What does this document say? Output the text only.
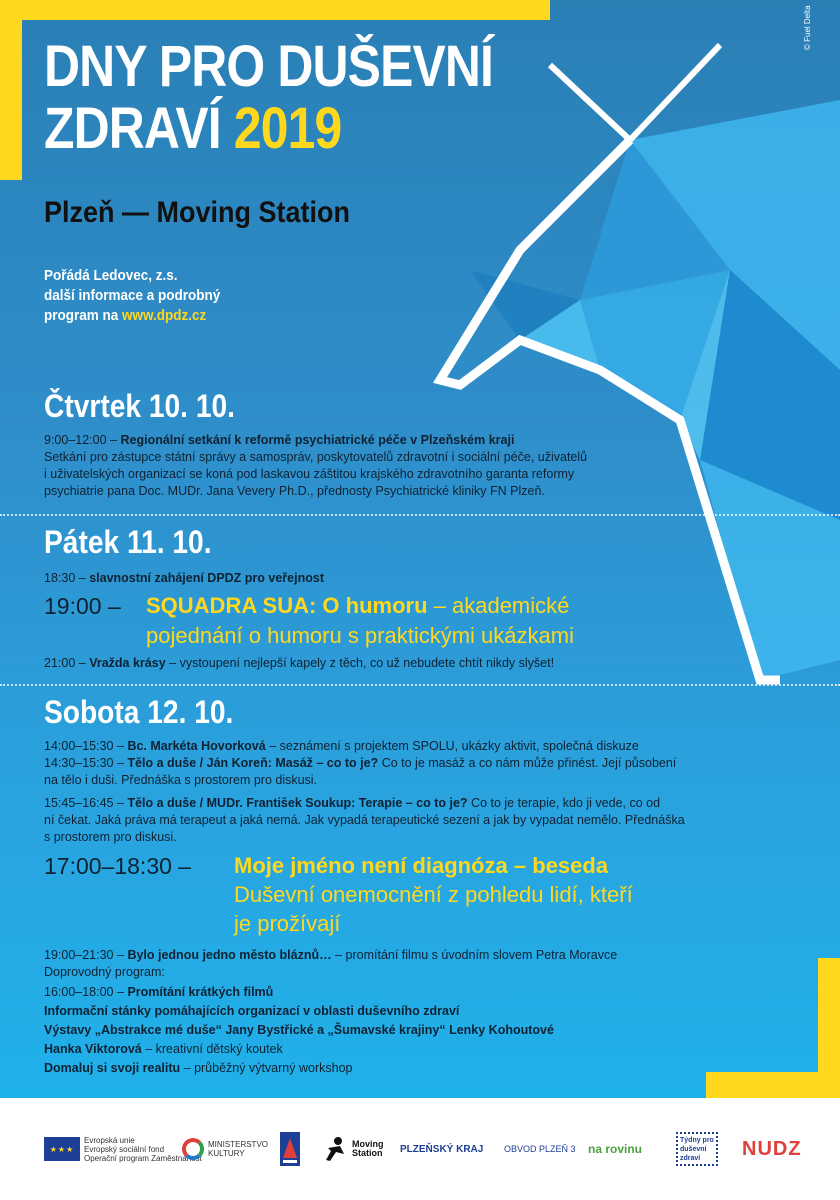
© Fuel Delta
DNY PRO DUŠEVNÍ
ZDRAVÍ 2019
Plzeň — Moving Station
Pořádá Ledovec, z.s.
další informace a podrobný
program na www.dpdz.cz
Čtvrtek 10. 10.
9:00–12:00 – Regionální setkání k reformě psychiatrické péče v Plzeňském kraji
Setkání pro zástupce státní správy a samospráv, poskytovatelů zdravotní i sociální péče, uživatelů
i uživatelských organizací se koná pod laskavou záštitou krajského zdravotního garanta reformy
psychiatrie pana Doc. MUDr. Jana Vevery Ph.D., přednosty Psychiatrické kliniky FN Plzeň.
Pátek 11. 10.
18:30 – slavnostní zahájení DPDZ pro veřejnost
19:00 – SQUADRA SUA: O humoru – akademické
pojednání o humoru s praktickými ukázkami
21:00 – Vražda krásy – vystoupení nejlepší kapely z těch, co už nebudete chtít nikdy slyšet!
Sobota 12. 10.
14:00–15:30 – Bc. Markéta Hovorková – seznámení s projektem SPOLU, ukázky aktivit, společná diskuze
14:30–15:30 – Tělo a duše / Ján Koreň: Masáž – co to je? Co to je masáž a co nám může přinést. Její působení
na tělo i duši. Přednáška s prostorem pro diskusi.
15:45–16:45 – Tělo a duše / MUDr. František Soukup: Terapie – co to je? Co to je terapie, kdo ji vede, co od
ní čekat. Jaká práva má terapeut a jaká nemá. Jak vypadá terapeutické sezení a jak by vypadat nemělo. Přednáška
s prostorem pro diskusi.
17:00–18:30 – Moje jméno není diagnóza – beseda
Duševní onemocnění z pohledu lidí, kteří
je prožívají
19:00–21:30 – Bylo jednou jedno město bláznů… – promítání filmu s úvodním slovem Petra Moravce
Doprovodný program:
16:00–18:00 – Promítání krátkých filmů
Informační stánky pomáhajících organizací v oblasti duševního zdraví
Výstavy „Abstrakce mé duše“ Jany Bystřické a „Šumavské krajiny“ Lenky Kohoutové
Hanka Viktorová – kreativní dětský koutek
Domaluj si svoji realitu – průběžný výtvarný workshop
★★★
Evropská unie
Evropský sociální fond
Operační program Zaměstnanost
MINISTERSTVO
KULTURY
Moving
Station PLZEŇSKÝ KRAJ OBVOD PLZEŇ 3 na rovinu
Týdny pro duševní zdraví	NUDZ
